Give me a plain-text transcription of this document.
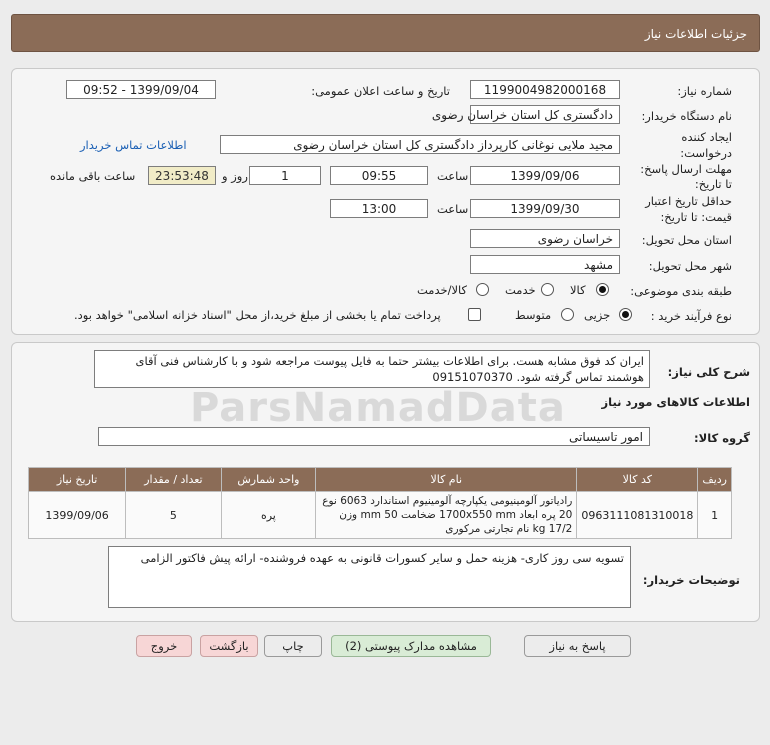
جزئیات اطلاعات نیاز
شماره نیاز:
1199004982000168
تاریخ و ساعت اعلان عمومی:
1399/09/04 - 09:52
نام دستگاه خریدار:
دادگستری کل استان خراسان رضوی
ایجاد کننده
درخواست:
مجید ملایی نوغانی کارپرداز دادگستری کل استان خراسان رضوی
اطلاعات تماس خریدار
مهلت ارسال پاسخ:
تا تاریخ:
1399/09/06
ساعت
09:55
1
روز و
23:53:48
ساعت باقی مانده
حداقل تاریخ اعتبار
قیمت: تا تاریخ:
1399/09/30
ساعت
13:00
استان محل تحویل:
خراسان رضوی
شهر محل تحویل:
مشهد
طبقه بندی موضوعی:
کالا
خدمت
کالا/خدمت
نوع فرآیند خرید :
جزیی
متوسط
پرداخت تمام یا بخشی از مبلغ خرید،از محل "اسناد خزانه اسلامی" خواهد بود.
شرح کلی نیاز:
ایران کد فوق مشابه هست. برای اطلاعات بیشتر حتما به فایل پیوست مراجعه شود و با کارشناس فنی آقای
هوشمند تماس گرفته شود. 09151070370
اطلاعات کالاهای مورد نیاز
گروه کالا:
امور تاسیساتی
ParsNamadData
ردیف	کد کالا	نام کالا	واحد شمارش	تعداد / مقدار	تاریخ نیاز
1	0963111081310018	رادیاتور آلومینیومی یکپارچه آلومینیوم استاندارد 6063 نوع 20 پره ابعاد 1700x550 mm ضخامت 50 mm وزن 17/2 kg نام تجارتی مرکوری	پره	5	1399/09/06
توضیحات خریدار:
تسویه سی روز کاری- هزینه حمل و سایر کسورات قانونی به عهده فروشنده- ارائه پیش فاکتور الزامی
پاسخ به نیاز
مشاهده مدارک پیوستی (2)
چاپ
بازگشت
خروج
